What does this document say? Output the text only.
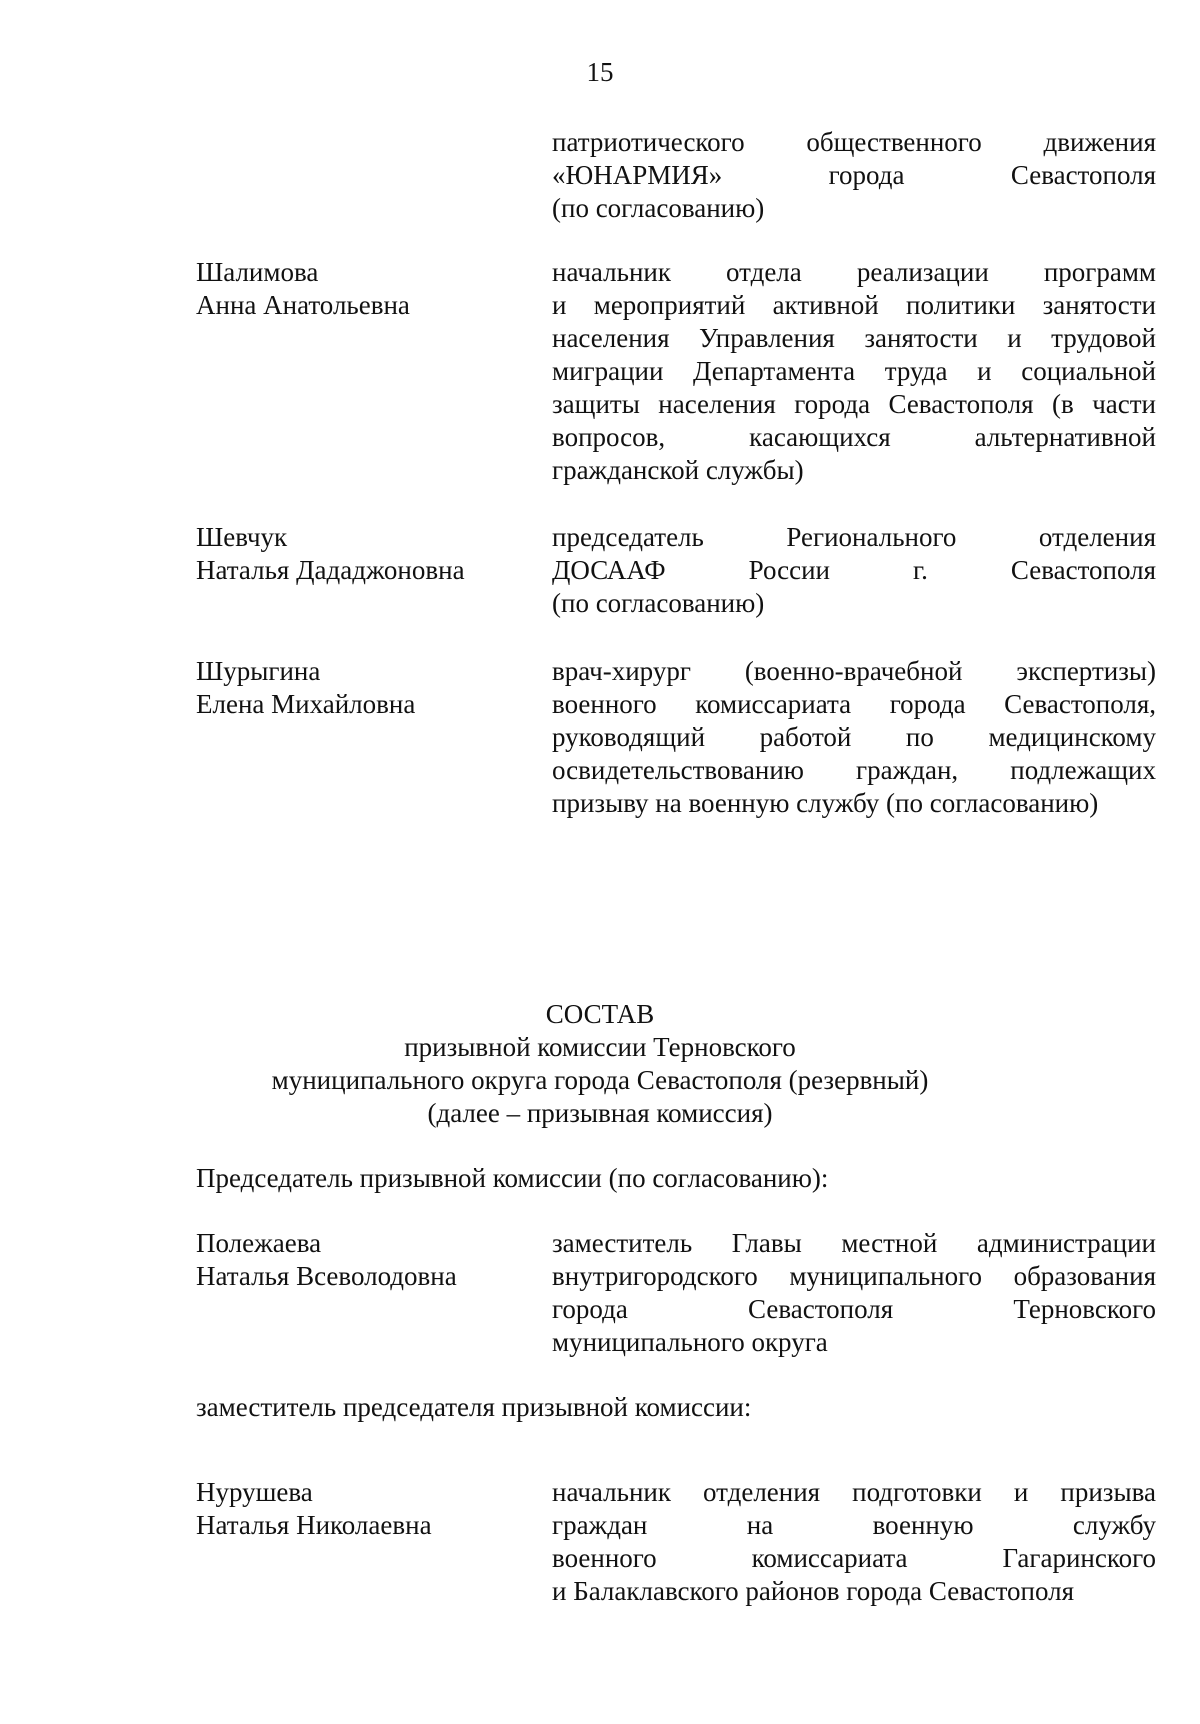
15
патриотического общественного движения
«ЮНАРМИЯ» города Севастополя
(по согласованию)
Шалимова
Анна Анатольевна
начальник отдела реализации программ
и мероприятий активной политики занятости
населения Управления занятости и трудовой
миграции Департамента труда и социальной
защиты населения города Севастополя (в части
вопросов, касающихся альтернативной
гражданской службы)
Шевчук
Наталья Дададжоновна
председатель Регионального отделения
ДОСААФ России г. Севастополя
(по согласованию)
Шурыгина
Елена Михайловна
врач-хирург (военно-врачебной экспертизы)
военного комиссариата города Севастополя,
руководящий работой по медицинскому
освидетельствованию граждан, подлежащих
призыву на военную службу (по согласованию)
СОСТАВ
призывной комиссии Терновского
муниципального округа города Севастополя (резервный)
(далее – призывная комиссия)
Председатель призывной комиссии (по согласованию):
Полежаева
Наталья Всеволодовна
заместитель Главы местной администрации
внутригородского муниципального образования
города Севастополя Терновского
муниципального округа
заместитель председателя призывной комиссии:
Нурушева
Наталья Николаевна
начальник отделения подготовки и призыва
граждан на военную службу
военного комиссариата Гагаринского
и Балаклавского районов города Севастополя
